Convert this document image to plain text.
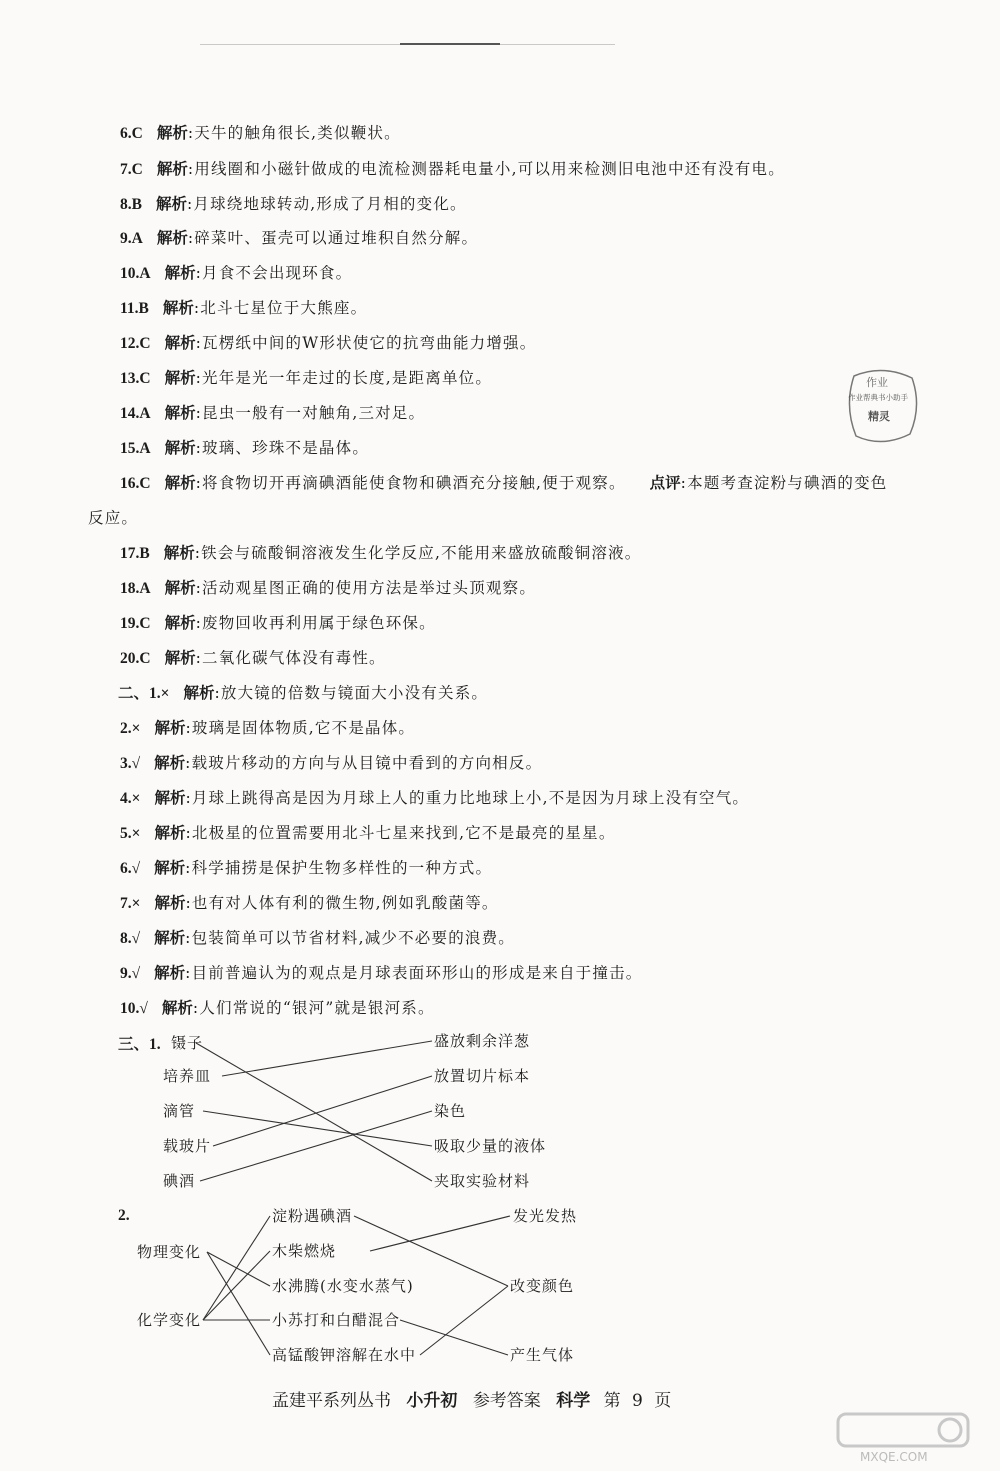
6.C 解析:天牛的触角很长,类似鞭状。
7.C 解析:用线圈和小磁针做成的电流检测器耗电量小,可以用来检测旧电池中还有没有电。
8.B 解析:月球绕地球转动,形成了月相的变化。
9.A 解析:碎菜叶、蛋壳可以通过堆积自然分解。
10.A 解析:月食不会出现环食。
11.B 解析:北斗七星位于大熊座。
12.C 解析:瓦楞纸中间的W形状使它的抗弯曲能力增强。
13.C 解析:光年是光一年走过的长度,是距离单位。
14.A 解析:昆虫一般有一对触角,三对足。
15.A 解析:玻璃、珍珠不是晶体。
16.C 解析:将食物切开再滴碘酒能使食物和碘酒充分接触,便于观察。 点评:本题考查淀粉与碘酒的变色
反应。
17.B 解析:铁会与硫酸铜溶液发生化学反应,不能用来盛放硫酸铜溶液。
18.A 解析:活动观星图正确的使用方法是举过头顶观察。
19.C 解析:废物回收再利用属于绿色环保。
20.C 解析:二氧化碳气体没有毒性。
二、1.× 解析:放大镜的倍数与镜面大小没有关系。
2.× 解析:玻璃是固体物质,它不是晶体。
3.√ 解析:载玻片移动的方向与从目镜中看到的方向相反。
4.× 解析:月球上跳得高是因为月球上人的重力比地球上小,不是因为月球上没有空气。
5.× 解析:北极星的位置需要用北斗七星来找到,它不是最亮的星星。
6.√ 解析:科学捕捞是保护生物多样性的一种方式。
7.× 解析:也有对人体有利的微生物,例如乳酸菌等。
8.√ 解析:包装简单可以节省材料,减少不必要的浪费。
9.√ 解析:目前普遍认为的观点是月球表面环形山的形成是来自于撞击。
10.√ 解析:人们常说的“银河”就是银河系。
三、1. 镊子
培养皿
滴管
载玻片
碘酒
盛放剩余洋葱
放置切片标本
染色
吸取少量的液体
夹取实验材料
2.
物理变化
化学变化
淀粉遇碘酒
木柴燃烧
水沸腾(水变水蒸气)
小苏打和白醋混合
高锰酸钾溶解在水中
发光发热
改变颜色
产生气体
作业
作业帮典书小助手
精灵
孟建平系列丛书 小升初 参考答案 科学 第 9 页
MXQE.COM
